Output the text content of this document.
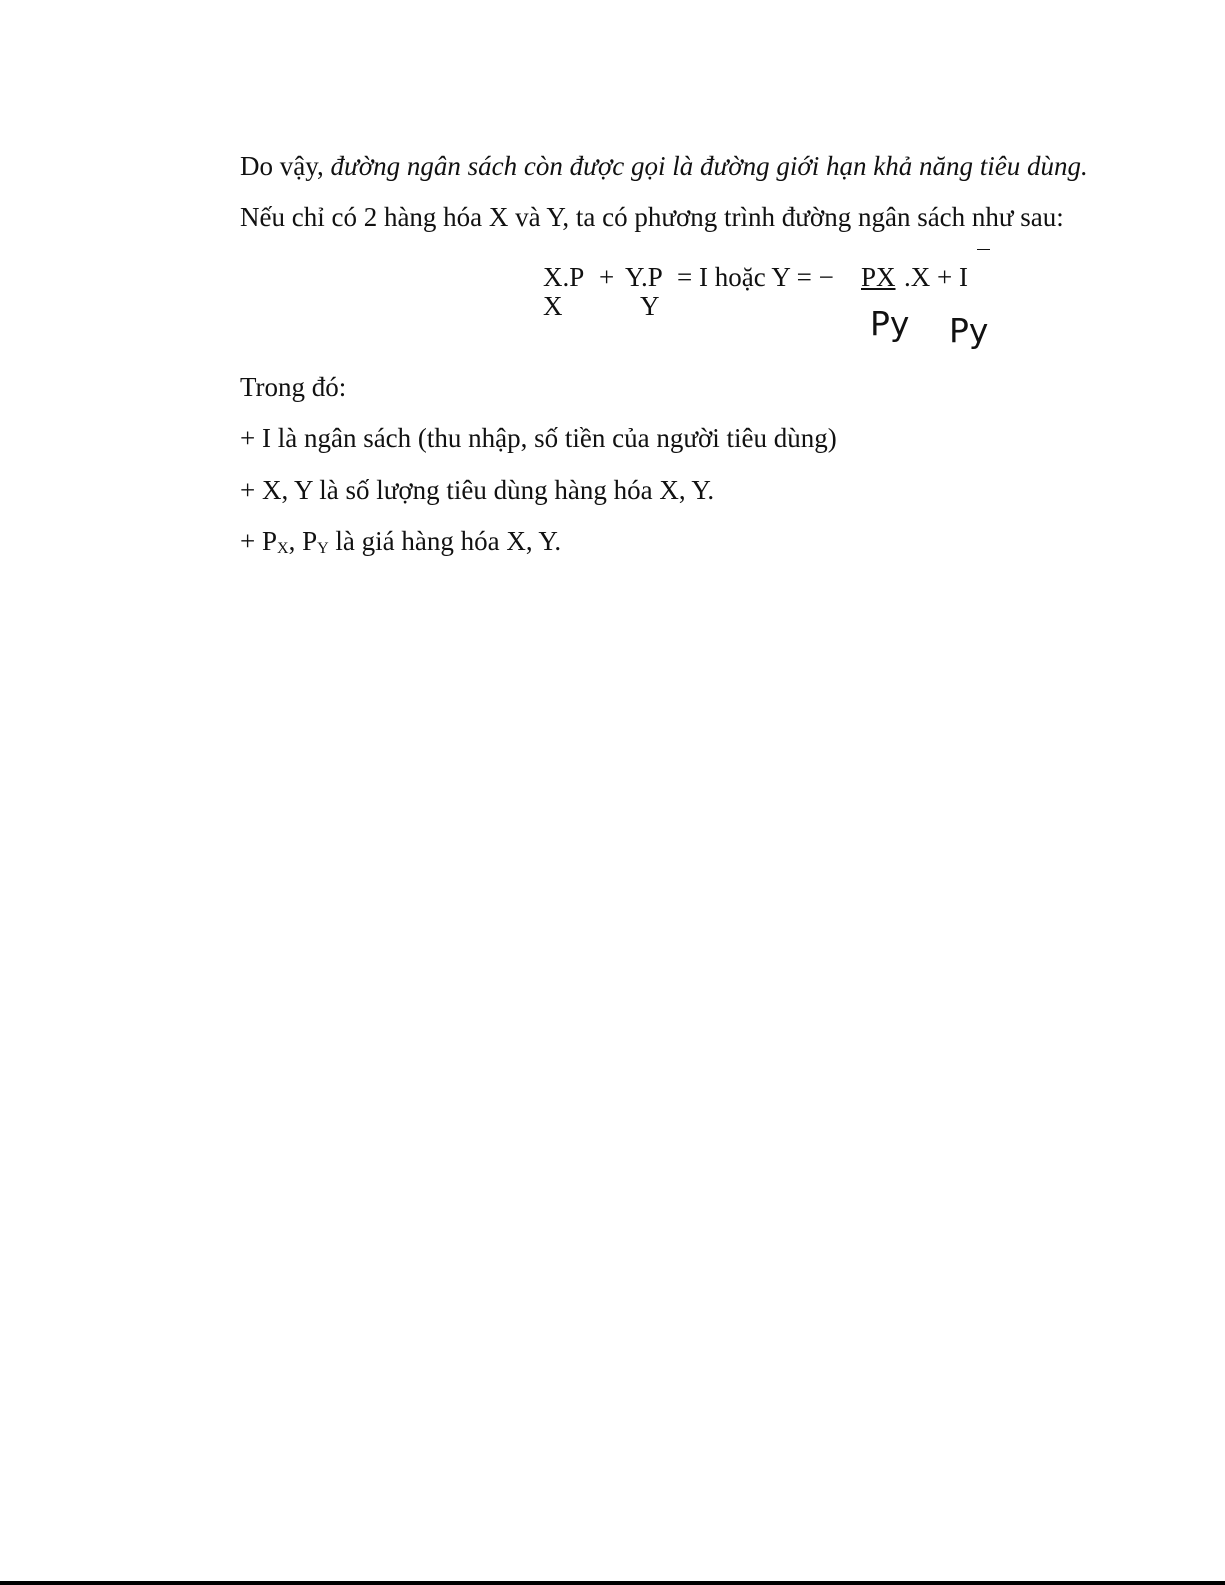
Do vậy, đường ngân sách còn được gọi là đường giới hạn khả năng tiêu dùng.
Nếu chỉ có 2 hàng hóa X và Y, ta có phương trình đường ngân sách như sau:
X.P + Y.P = I hoặc Y = − PX .X + I
X	Y	Py Py
Trong đó:
+ I là ngân sách (thu nhập, số tiền của người tiêu dùng)
+ X, Y là số lượng tiêu dùng hàng hóa X, Y.
+ PX, PY là giá hàng hóa X, Y.
